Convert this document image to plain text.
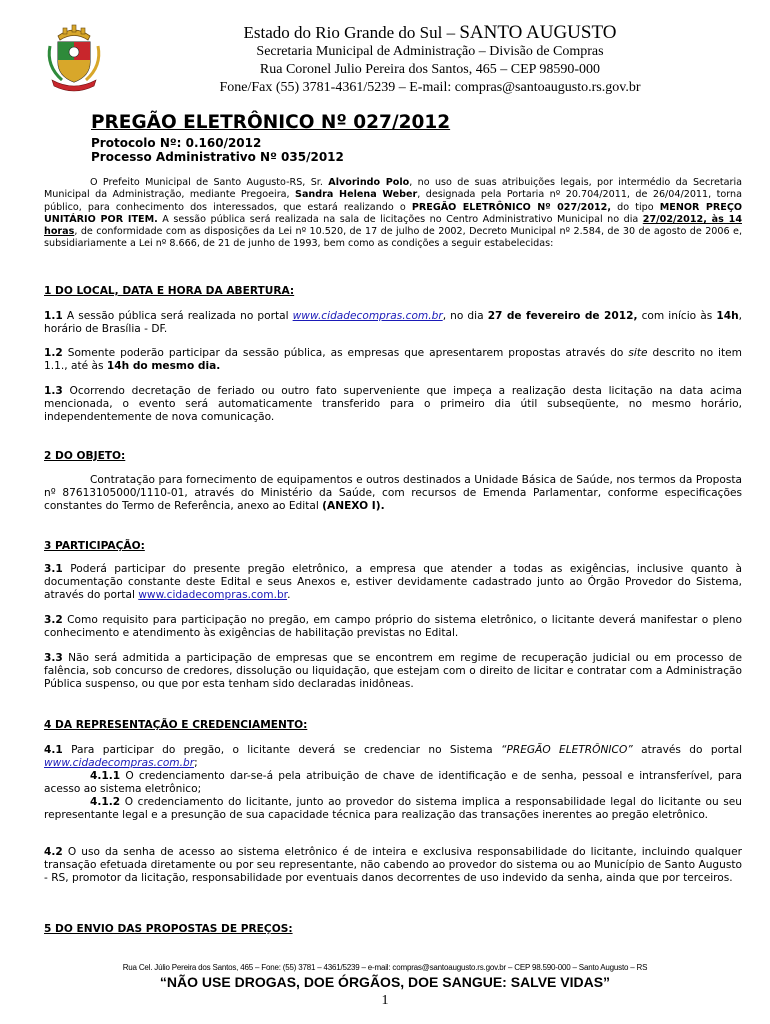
Estado do Rio Grande do Sul – SANTO AUGUSTO
Secretaria Municipal de Administração – Divisão de Compras
Rua Coronel Julio Pereira dos Santos, 465 – CEP 98590-000
Fone/Fax (55) 3781-4361/5239 – E-mail: compras@santoaugusto.rs.gov.br
PREGÃO ELETRÔNICO Nº 027/2012
Protocolo Nº: 0.160/2012
Processo Administrativo Nº 035/2012
O Prefeito Municipal de Santo Augusto-RS, Sr. Alvorindo Polo, no uso de suas atribuições legais, por intermédio da Secretaria Municipal da Administração, mediante Pregoeira, Sandra Helena Weber, designada pela Portaria nº 20.704/2011, de 26/04/2011, torna público, para conhecimento dos interessados, que estará realizando o PREGÃO ELETRÔNICO Nº 027/2012, do tipo MENOR PREÇO UNITÁRIO POR ITEM. A sessão pública será realizada na sala de licitações no Centro Administrativo Municipal no dia 27/02/2012, às 14 horas, de conformidade com as disposições da Lei nº 10.520, de 17 de julho de 2002, Decreto Municipal nº 2.584, de 30 de agosto de 2006 e, subsidiariamente a Lei nº 8.666, de 21 de junho de 1993, bem como as condições a seguir estabelecidas:
1 DO LOCAL, DATA E HORA DA ABERTURA:
1.1 A sessão pública será realizada no portal www.cidadecompras.com.br, no dia 27 de fevereiro de 2012, com início às 14h, horário de Brasília - DF.
1.2 Somente poderão participar da sessão pública, as empresas que apresentarem propostas através do site descrito no item 1.1., até às 14h do mesmo dia.
1.3 Ocorrendo decretação de feriado ou outro fato superveniente que impeça a realização desta licitação na data acima mencionada, o evento será automaticamente transferido para o primeiro dia útil subseqüente, no mesmo horário, independentemente de nova comunicação.
2 DO OBJETO:
Contratação para fornecimento de equipamentos e outros destinados a Unidade Básica de Saúde, nos termos da Proposta nº 87613105000/1110-01, através do Ministério da Saúde, com recursos de Emenda Parlamentar, conforme especificações constantes do Termo de Referência, anexo ao Edital (ANEXO I).
3 PARTICIPAÇÃO:
3.1 Poderá participar do presente pregão eletrônico, a empresa que atender a todas as exigências, inclusive quanto à documentação constante deste Edital e seus Anexos e, estiver devidamente cadastrado junto ao Órgão Provedor do Sistema, através do portal www.cidadecompras.com.br.
3.2 Como requisito para participação no pregão, em campo próprio do sistema eletrônico, o licitante deverá manifestar o pleno conhecimento e atendimento às exigências de habilitação previstas no Edital.
3.3 Não será admitida a participação de empresas que se encontrem em regime de recuperação judicial ou em processo de falência, sob concurso de credores, dissolução ou liquidação, que estejam com o direito de licitar e contratar com a Administração Pública suspenso, ou que por esta tenham sido declaradas inidôneas.
4 DA REPRESENTAÇÃO E CREDENCIAMENTO:
4.1 Para participar do pregão, o licitante deverá se credenciar no Sistema “PREGÃO ELETRÔNICO” através do portal www.cidadecompras.com.br;
4.1.1 O credenciamento dar-se-á pela atribuição de chave de identificação e de senha, pessoal e intransferível, para acesso ao sistema eletrônico;
4.1.2 O credenciamento do licitante, junto ao provedor do sistema implica a responsabilidade legal do licitante ou seu representante legal e a presunção de sua capacidade técnica para realização das transações inerentes ao pregão eletrônico.
4.2 O uso da senha de acesso ao sistema eletrônico é de inteira e exclusiva responsabilidade do licitante, incluindo qualquer transação efetuada diretamente ou por seu representante, não cabendo ao provedor do sistema ou ao Município de Santo Augusto - RS, promotor da licitação, responsabilidade por eventuais danos decorrentes de uso indevido da senha, ainda que por terceiros.
5 DO ENVIO DAS PROPOSTAS DE PREÇOS:
Rua Cel. Júlio Pereira dos Santos, 465 – Fone: (55) 3781 – 4361/5239 – e-mail: compras@santoaugusto.rs.gov.br – CEP 98.590-000 – Santo Augusto – RS
“NÃO USE DROGAS, DOE ÓRGÃOS, DOE SANGUE: SALVE VIDAS”
1
